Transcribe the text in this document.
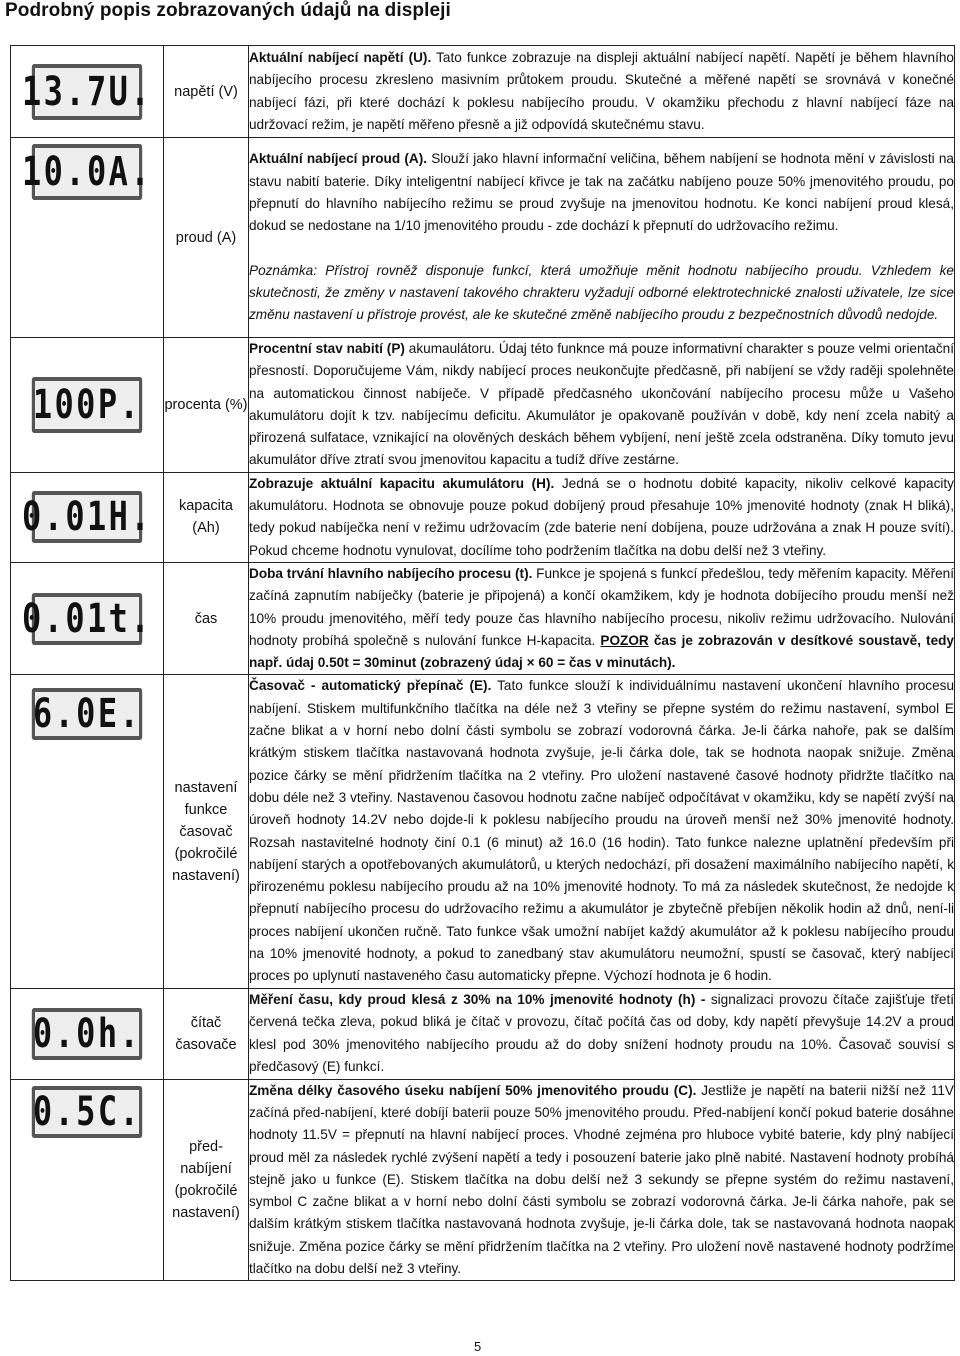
Podrobný popis zobrazovaných údajů na displeji
13.7U.	napětí (V)	Aktuální nabíjecí napětí (U). Tato funkce zobrazuje na displeji aktuální nabíjecí napětí. Napětí je během hlavního nabíjecího procesu zkresleno masivním průtokem proudu. Skutečné a měřené napětí se srovnává v konečné nabíjecí fázi, při které dochází k poklesu nabíjecího proudu. V okamžiku přechodu z hlavní nabíjecí fáze na udržovací režim, je napětí měřeno přesně a již odpovídá skutečnému stavu.

10.0A.	proud (A)	Aktuální nabíjecí proud (A). Slouží jako hlavní informační veličina, během nabíjení se hodnota mění v závislosti na stavu nabití baterie. Díky inteligentní nabíjecí křivce je tak na začátku nabíjeno pouze 50% jmenovitého proudu, po přepnutí do hlavního nabíjecího režimu se proud zvyšuje na jmenovitou hodnotu. Ke konci nabíjení proud klesá, dokud se nedostane na 1/10 jmenovitého proudu - zde dochází k přepnutí do udržovacího režimu.
Poznámka: Přístroj rovněž disponuje funkcí, která umožňuje měnit hodnotu nabíjecího proudu. Vzhledem ke skutečnosti, že změny v nastavení takového chrakteru vyžadují odborné elektrotechnické znalosti uživatele, lze sice změnu nastavení u přístroje provést, ale ke skutečné změně nabíjecího proudu z bezpečnostních důvodů nedojde.

100P.	procenta (%)	Procentní stav nabití (P) akumaulátoru. Údaj této funknce má pouze informativní charakter s pouze velmi orientační přesností. Doporučujeme Vám, nikdy nabíjecí proces neukončujte předčasně, při nabíjení se vždy raději spolehněte na automatickou činnost nabíječe. V případě předčasného ukončování nabíjecího procesu může u Vašeho akumulátoru dojít k tzv. nabíjecímu deficitu. Akumulátor je opakovaně používán v době, kdy není zcela nabitý a přirozená sulfatace, vznikající na olověných deskách během vybíjení, není ještě zcela odstraněna. Díky tomuto jevu akumulátor dříve ztratí svou jmenovitou kapacitu a tudíž dříve zestárne.

0.01H.	kapacita (Ah)	Zobrazuje aktuální kapacitu akumulátoru (H). Jedná se o hodnotu dobité kapacity, nikoliv celkové kapacity akumulátoru. Hodnota se obnovuje pouze pokud dobíjený proud přesahuje 10% jmenovité hodnoty (znak H bliká), tedy pokud nabíječka není v režimu udržovacím (zde baterie není dobíjena, pouze udržována a znak H pouze svítí). Pokud chceme hodnotu vynulovat, docílíme toho podržením tlačítka na dobu delší než 3 vteřiny.

0.01t.	čas	Doba trvání hlavního nabíjecího procesu (t). Funkce je spojená s funkcí předešlou, tedy měřením kapacity. Měření začíná zapnutím nabíječky (baterie je připojená) a končí okamžikem, kdy je hodnota dobíjecího proudu menší než 10% proudu jmenovitého, měří tedy pouze čas hlavního nabíjecího procesu, nikoliv režimu udržovacího. Nulování hodnoty probíhá společně s nulování funkce H-kapacita. POZOR čas je zobrazován v desítkové soustavě, tedy např. údaj 0.50t = 30minut (zobrazený údaj × 60 = čas v minutách).

6.0E.	nastavení funkce časovač (pokročilé nastavení)	Časovač - automatický přepínač (E). Tato funkce slouží k individuálnímu nastavení ukončení hlavního procesu nabíjení. Stiskem multifunkčního tlačítka na déle než 3 vteřiny se přepne systém do režimu nastavení, symbol E začne blikat a v horní nebo dolní části symbolu se zobrazí vodorovná čárka. Je-li čárka nahoře, pak se dalším krátkým stiskem tlačítka nastavovaná hodnota zvyšuje, je-li čárka dole, tak se hodnota naopak snižuje. Změna pozice čárky se mění přidržením tlačítka na 2 vteřiny. Pro uložení nastavené časové hodnoty přidržte tlačítko na dobu déle než 3 vteřiny. Nastavenou časovou hodnotu začne nabíječ odpočítávat v okamžiku, kdy se napětí zvýší na úroveň hodnoty 14.2V nebo dojde-li k poklesu nabíjecího proudu na úroveň menší než 30% jmenovité hodnoty. Rozsah nastavitelné hodnoty činí 0.1 (6 minut) až 16.0 (16 hodin). Tato funkce nalezne uplatnění především při nabíjení starých a opotřebovaných akumulátorů, u kterých nedochází, při dosažení maximálního nabíjecího napětí, k přirozenému poklesu nabíjecího proudu až na 10% jmenovité hodnoty. To má za následek skutečnost, že nedojde k přepnutí nabíjecího procesu do udržovacího režimu a akumulátor je zbytečně přebíjen několik hodin až dnů, není-li proces nabíjení ukončen ručně. Tato funkce však umožní nabíjet každý akumulátor až k poklesu nabíjecího proudu na 10% jmenovité hodnoty, a pokud to zanedbaný stav akumulátoru neumožní, spustí se časovač, který nabíjecí proces po uplynutí nastaveného času automaticky přepne. Výchozí hodnota je 6 hodin.

0.0h.	čítač časovače	Měření času, kdy proud klesá z 30% na 10% jmenovité hodnoty (h) - signalizaci provozu čítače zajišťuje třetí červená tečka zleva, pokud bliká je čítač v provozu, čítač počítá čas od doby, kdy napětí převyšuje 14.2V a proud klesl pod 30% jmenovitého nabíjecího proudu až do doby snížení hodnoty proudu na 10%. Časovač souvisí s předčasový (E) funkcí.

0.5C.	před-nabíjení (pokročilé nastavení)	Změna délky časového úseku nabíjení 50% jmenovitého proudu (C). Jestliže je napětí na baterii nižší než 11V začíná před-nabíjení, které dobíjí baterii pouze 50% jmenovitého proudu. Před-nabíjení končí pokud baterie dosáhne hodnoty 11.5V = přepnutí na hlavní nabíjecí proces. Vhodné zejména pro hluboce vybité baterie, kdy plný nabíjecí proud měl za následek rychlé zvýšení napětí a tedy i posouzení baterie jako plně nabité. Nastavení hodnoty probíhá stejně jako u funkce (E). Stiskem tlačítka na dobu delší než 3 sekundy se přepne systém do režimu nastavení, symbol C začne blikat a v horní nebo dolní části symbolu se zobrazí vodorovná čárka. Je-li čárka nahoře, pak se dalším krátkým stiskem tlačítka nastavovaná hodnota zvyšuje, je-li čárka dole, tak se nastavovaná hodnota naopak snižuje. Změna pozice čárky se mění přidržením tlačítka na 2 vteřiny. Pro uložení nově nastavené hodnoty podržíme tlačítko na dobu delší než 3 vteřiny.
5
